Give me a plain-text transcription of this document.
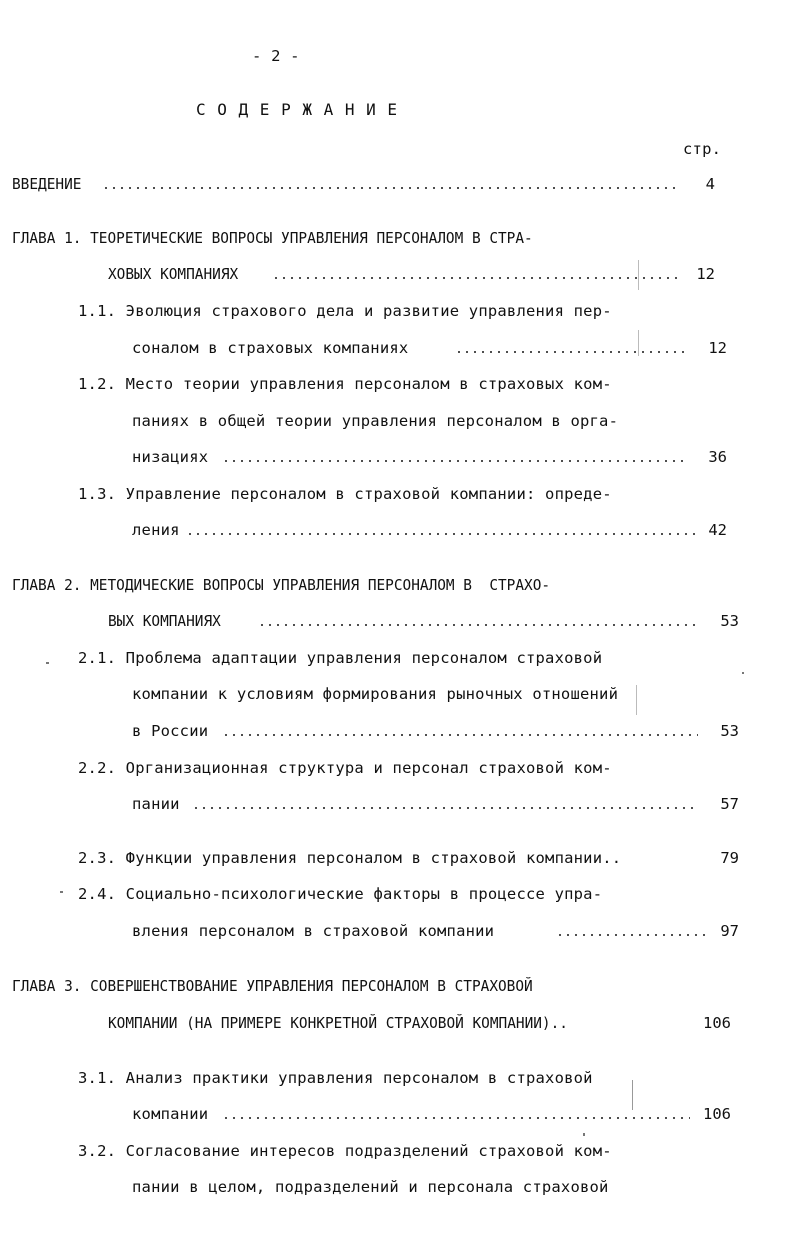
- 2 -
С О Д Е Р Ж А Н И Е
стр.
ВВЕДЕНИЕ	4
ГЛАВА 1. ТЕОРЕТИЧЕСКИЕ ВОПРОСЫ УПРАВЛЕНИЯ ПЕРСОНАЛОМ В СТРА-
ХОВЫХ КОМПАНИЯХ	12
1.1. Эволюция страхового дела и развитие управления пер-
соналом в страховых компаниях	12
1.2. Место теории управления персоналом в страховых ком-
паниях в общей теории управления персоналом в орга-
низациях	36
1.3. Управление персоналом в страховой компании: опреде-
ления	42
ГЛАВА 2. МЕТОДИЧЕСКИЕ ВОПРОСЫ УПРАВЛЕНИЯ ПЕРСОНАЛОМ В  СТРАХО-
ВЫХ КОМПАНИЯХ	53
2.1. Проблема адаптации управления персоналом страховой
компании к условиям формирования рыночных отношений
в России	53
2.2. Организационная структура и персонал страховой ком-
пании	57
2.3. Функции управления персоналом в страховой компании..	79
2.4. Социально-психологические факторы в процессе упра-
вления персоналом в страховой компании	97
ГЛАВА 3. СОВЕРШЕНСТВОВАНИЕ УПРАВЛЕНИЯ ПЕРСОНАЛОМ В СТРАХОВОЙ
КОМПАНИИ (НА ПРИМЕРЕ КОНКРЕТНОЙ СТРАХОВОЙ КОМПАНИИ)..	106
3.1. Анализ практики управления персоналом в страховой
компании	106
3.2. Согласование интересов подразделений страховой ком-
пании в целом, подразделений и персонала страховой
